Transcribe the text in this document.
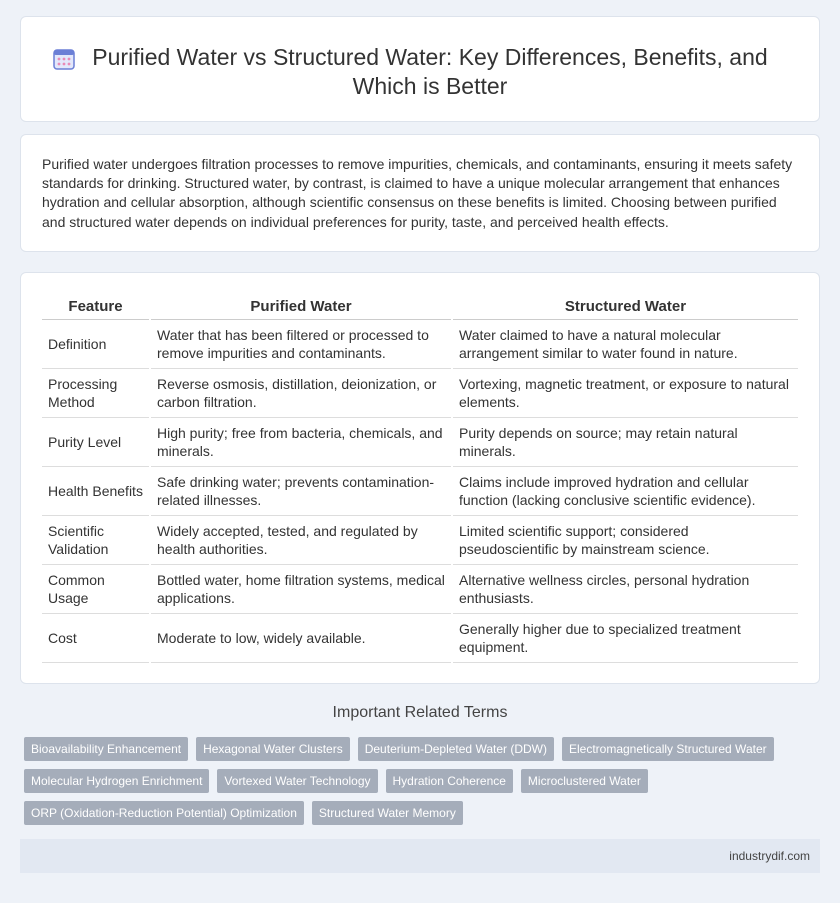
Purified Water vs Structured Water: Key Differences, Benefits, and Which is Better

Purified water undergoes filtration processes to remove impurities, chemicals, and contaminants, ensuring it meets safety standards for drinking. Structured water, by contrast, is claimed to have a unique molecular arrangement that enhances hydration and cellular absorption, although scientific consensus on these benefits is limited. Choosing between purified and structured water depends on individual preferences for purity, taste, and perceived health effects.

Feature	Purified Water	Structured Water
Definition	Water that has been filtered or processed to remove impurities and contaminants.	Water claimed to have a natural molecular arrangement similar to water found in nature.
Processing Method	Reverse osmosis, distillation, deionization, or carbon filtration.	Vortexing, magnetic treatment, or exposure to natural elements.
Purity Level	High purity; free from bacteria, chemicals, and minerals.	Purity depends on source; may retain natural minerals.
Health Benefits	Safe drinking water; prevents contamination-related illnesses.	Claims include improved hydration and cellular function (lacking conclusive scientific evidence).
Scientific Validation	Widely accepted, tested, and regulated by health authorities.	Limited scientific support; considered pseudoscientific by mainstream science.
Common Usage	Bottled water, home filtration systems, medical applications.	Alternative wellness circles, personal hydration enthusiasts.
Cost	Moderate to low, widely available.	Generally higher due to specialized treatment equipment.
Important Related Terms
Bioavailability Enhancement	Hexagonal Water Clusters	Deuterium-Depleted Water (DDW)	Electromagnetically Structured Water
Molecular Hydrogen Enrichment	Vortexed Water Technology	Hydration Coherence	Microclustered Water
ORP (Oxidation-Reduction Potential) Optimization	Structured Water Memory
industrydif.com
